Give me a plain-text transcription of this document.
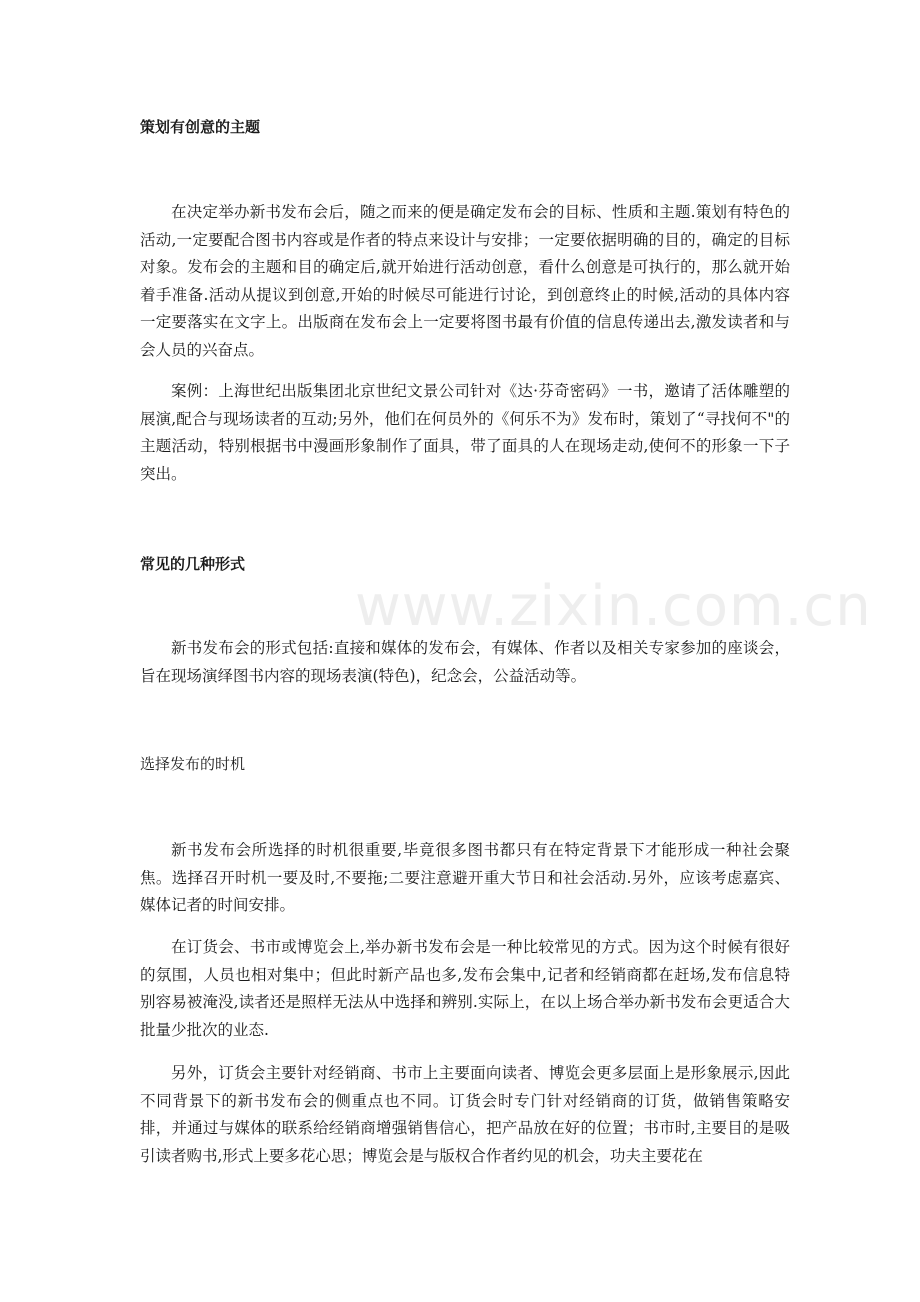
www.zixin.com.cn

策划有创意的主题

在决定举办新书发布会后，随之而来的便是确定发布会的目标、性质和主题.策划有特色的活动,一定要配合图书内容或是作者的特点来设计与安排；一定要依据明确的目的，确定的目标对象。发布会的主题和目的确定后,就开始进行活动创意，看什么创意是可执行的，那么就开始着手准备.活动从提议到创意,开始的时候尽可能进行讨论，到创意终止的时候,活动的具体内容一定要落实在文字上。出版商在发布会上一定要将图书最有价值的信息传递出去,激发读者和与会人员的兴奋点。

案例：上海世纪出版集团北京世纪文景公司针对《达·芬奇密码》一书，邀请了活体雕塑的展演,配合与现场读者的互动;另外，他们在何员外的《何乐不为》发布时，策划了“寻找何不"的主题活动，特别根据书中漫画形象制作了面具，带了面具的人在现场走动,使何不的形象一下子突出。

常见的几种形式

新书发布会的形式包括:直接和媒体的发布会，有媒体、作者以及相关专家参加的座谈会，旨在现场演绎图书内容的现场表演(特色)，纪念会，公益活动等。

选择发布的时机

新书发布会所选择的时机很重要,毕竟很多图书都只有在特定背景下才能形成一种社会聚焦。选择召开时机一要及时,不要拖;二要注意避开重大节日和社会活动.另外，应该考虑嘉宾、媒体记者的时间安排。

在订货会、书市或博览会上,举办新书发布会是一种比较常见的方式。因为这个时候有很好的氛围，人员也相对集中；但此时新产品也多,发布会集中,记者和经销商都在赶场,发布信息特别容易被淹没,读者还是照样无法从中选择和辨别.实际上，在以上场合举办新书发布会更适合大批量少批次的业态.

另外，订货会主要针对经销商、书市上主要面向读者、博览会更多层面上是形象展示,因此不同背景下的新书发布会的侧重点也不同。订货会时专门针对经销商的订货，做销售策略安排，并通过与媒体的联系给经销商增强销售信心，把产品放在好的位置；书市时,主要目的是吸引读者购书,形式上要多花心思；博览会是与版权合作者约见的机会，功夫主要花在
